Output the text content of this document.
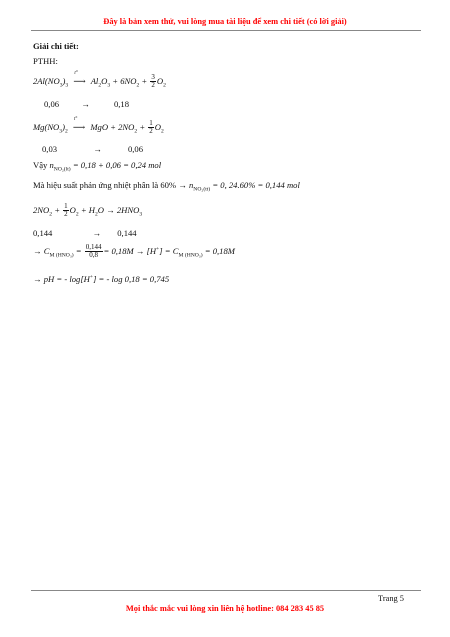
Đây là bản xem thử, vui lòng mua tài liệu để xem chi tiết (có lời giải)
Giải chi tiết:
PTHH:
$2Al(NO_3)_3$
t°
⟶ $Al_2O_3 + 6NO_2 + \frac{3}{2} O_2$
0,06	→	0,18
$Mg(NO_3)_2$
t°
⟶ MgO + $2NO_2 + \frac{1}{2} O_2$
0,03	→	0,06
Vậy $n_{NO_2(lt)} = 0,18 + 0,06 = 0,24$ mol
Mà hiệu suất phản ứng nhiệt phân là $60\% \to n_{NO_2(tt)} = 0$, 24.60% = 0,144 mol
$2NO_2 + \frac{1}{2} O_2 + H_2O \to 2HNO_3$
0,144	→ 0,144
→ $C_{M (HNO_3)} = \frac{0,144}{0,8} = 0,18M \to [H^+] = C_{M (HNO_3)} = 0,18M$
→ pH = - log[H+] = - log 0,18 = 0,745
Trang 5
Mọi thắc mắc vui lòng xin liên hệ hotline: 084 283 45 85
